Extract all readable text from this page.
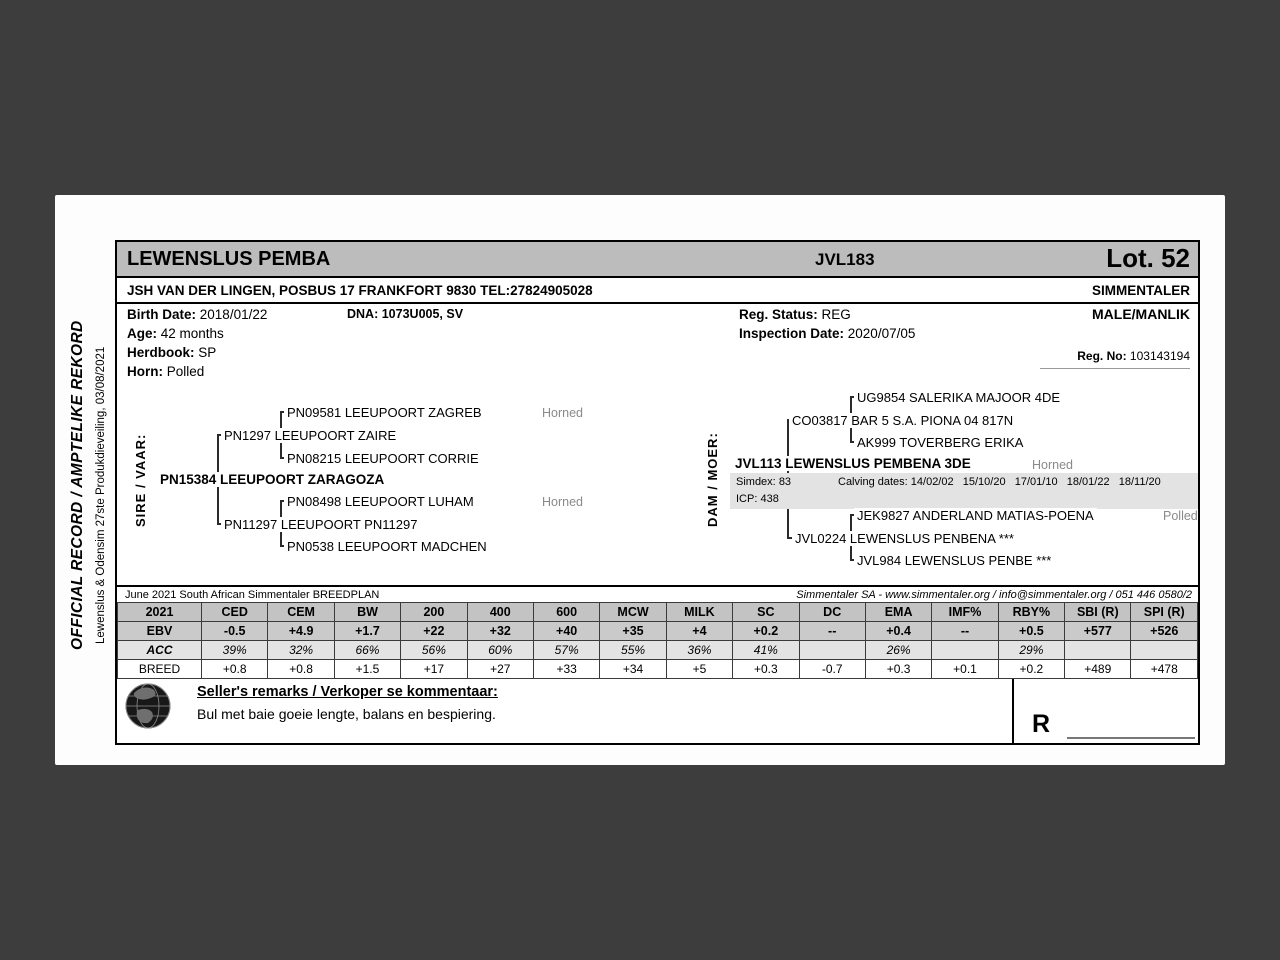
OFFICIAL RECORD / AMPTELIKE REKORD Lewenslus & Odensim 27ste Produkdieveiling, 03/08/2021
LEWENSLUS PEMBA	JVL183	Lot. 52
JSH VAN DER LINGEN, POSBUS 17 FRANKFORT 9830 TEL:27824905028	SIMMENTALER
Birth Date: 2018/01/22
Age: 42 months
Herdbook: SP
Horn: Polled
DNA: 1073U005, SV	Reg. Status: REG
Inspection Date: 2020/07/05
MALE/MANLIK
Reg. No: 103143194
SIRE / VAAR:
PN09581 LEEUPOORT ZAGREB	Horned
PN1297 LEEUPOORT ZAIRE
PN08215 LEEUPOORT CORRIE
PN15384 LEEUPOORT ZARAGOZA
PN08498 LEEUPOORT LUHAM	Horned
PN11297 LEEUPOORT PN11297
PN0538 LEEUPOORT MADCHEN
DAM / MOER:
UG9854 SALERIKA MAJOOR 4DE
CO03817 BAR 5 S.A. PIONA 04 817N
AK999 TOVERBERG ERIKA
JVL113 LEWENSLUS PEMBENA 3DE	Horned
Simdex: 83	Calving dates: 14/02/02   15/10/20   17/01/10   18/01/22   18/11/20
ICP: 438
JEK9827 ANDERLAND MATIAS-POENA	Polled
JVL0224 LEWENSLUS PENBENA ***
JVL984 LEWENSLUS PENBE ***
June 2021 South African Simmentaler BREEDPLAN	Simmentaler SA - www.simmentaler.org / info@simmentaler.org / 051 446 0580/2
2021	CED	CEM	BW	200	400	600	MCW	MILK	SC	DC	EMA	IMF%	RBY%	SBI (R)	SPI (R)
EBV	-0.5	+4.9	+1.7	+22	+32	+40	+35	+4	+0.2	--	+0.4	--	+0.5	+577	+526
ACC	39%	32%	66%	56%	60%	57%	55%	36%	41%		26%		29%		
BREED	+0.8	+0.8	+1.5	+17	+27	+33	+34	+5	+0.3	-0.7	+0.3	+0.1	+0.2	+489	+478
Seller's remarks / Verkoper se kommentaar:
Bul met baie goeie lengte, balans en bespiering.	R
